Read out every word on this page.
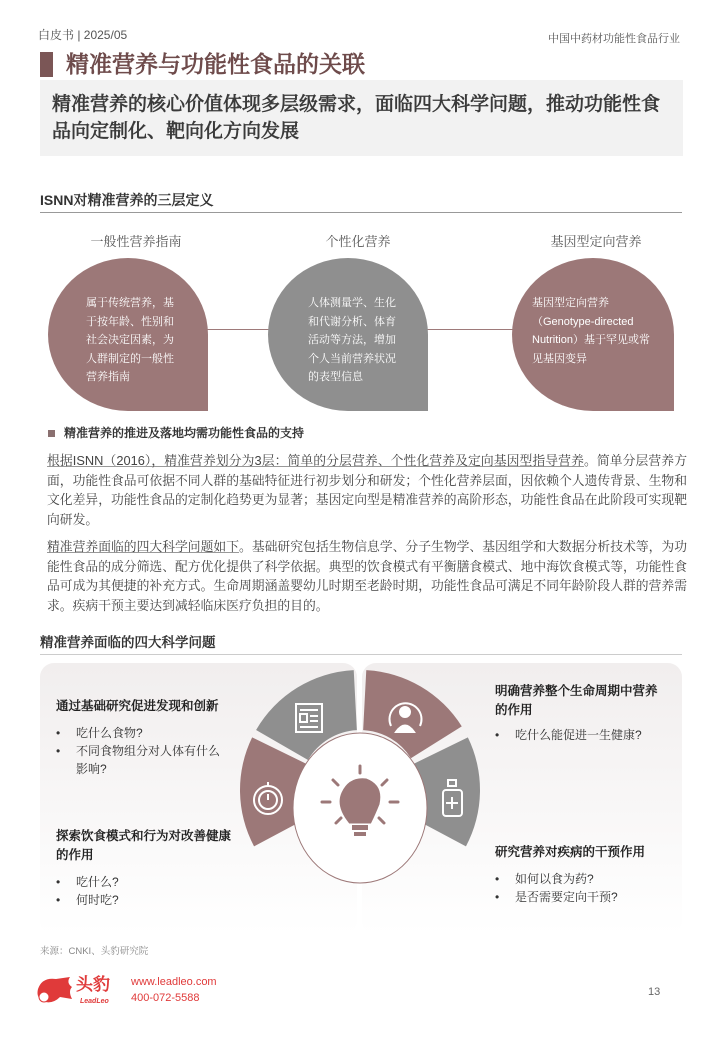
白皮书 | 2025/05	中国中药材功能性食品行业
精准营养与功能性食品的关联
精准营养的核心价值体现多层级需求，面临四大科学问题，推动功能性食品向定制化、靶向化方向发展
ISNN对精准营养的三层定义
一般性营养指南	个性化营养	基因型定向营养
属于传统营养，基于按年龄、性别和社会决定因素，为人群制定的一般性营养指南
人体测量学、生化和代谢分析、体育活动等方法，增加个人当前营养状况的表型信息
基因型定向营养（Genotype-directed Nutrition）基于罕见或常见基因变异
精准营养的推进及落地均需功能性食品的支持
根据ISNN（2016），精准营养划分为3层：简单的分层营养、个性化营养及定向基因型指导营养。简单分层营养方面，功能性食品可依据不同人群的基础特征进行初步划分和研发；个性化营养层面，因依赖个人遗传背景、生物和文化差异，功能性食品的定制化趋势更为显著；基因定向型是精准营养的高阶形态，功能性食品在此阶段可实现靶向研发。
精准营养面临的四大科学问题如下。基础研究包括生物信息学、分子生物学、基因组学和大数据分析技术等，为功能性食品的成分筛选、配方优化提供了科学依据。典型的饮食模式有平衡膳食模式、地中海饮食模式等，功能性食品可成为其便捷的补充方式。生命周期涵盖婴幼儿时期至老龄时期，功能性食品可满足不同年龄阶段人群的营养需求。疾病干预主要达到减轻临床医疗负担的目的。
精准营养面临的四大科学问题
通过基础研究促进发现和创新
• 吃什么食物?
• 不同食物组分对人体有什么影响?
明确营养整个生命周期中营养的作用
• 吃什么能促进一生健康?
探索饮食模式和行为对改善健康的作用
• 吃什么?
• 何时吃?
研究营养对疾病的干预作用
• 如何以食为药?
• 是否需要定向干预?
来源：CNKI、头豹研究院
头豹
LeadLeo
www.leadleo.com
400-072-5588	13
